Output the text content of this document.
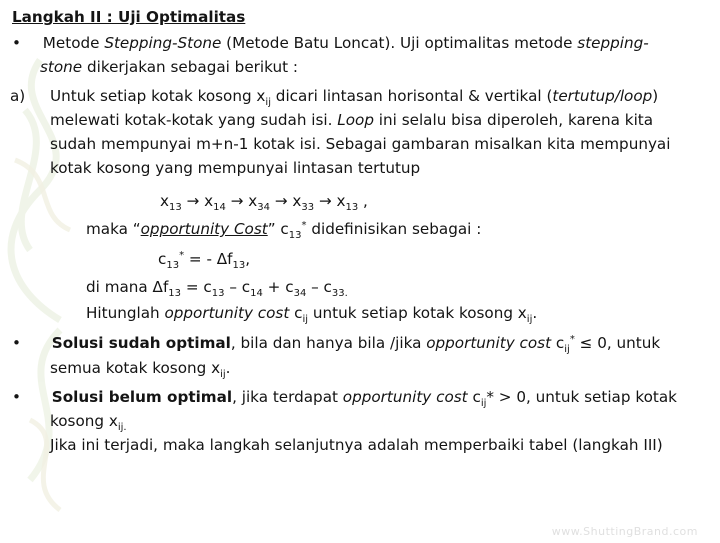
Langkah II : Uji Optimalitas
• Metode Stepping-Stone (Metode Batu Loncat). Uji optimalitas metode stepping-
stone dikerjakan sebagai berikut :
a) Untuk setiap kotak kosong $x_{ij}$ dicari lintasan horisontal & vertikal (tertutup/loop)
melewati kotak-kotak yang sudah isi. Loop ini selalu bisa diperoleh, karena kita
sudah mempunyai m+n-1 kotak isi. Sebagai gambaran misalkan kita mempunyai
kotak kosong yang mempunyai lintasan tertutup
$x_{13} \to x_{14} \to x_{34} \to x_{33} \to x_{13}$ ,
maka “opportunity Cost” $c_{13}^*$ didefinisikan sebagai :
$c_{13}^*$ = - $\Delta f_{13}$,
di mana $\Delta f_{13} = c_{13} - c_{14} + c_{34} - c_{33.}$
Hitunglah opportunity cost $c_{ij}$ untuk setiap kotak kosong $x_{ij}$.
• Solusi sudah optimal, bila dan hanya bila /jika opportunity cost $c_{ij}^* \le 0$, untuk
semua kotak kosong $x_{ij}$.
• Solusi belum optimal, jika terdapat opportunity cost $c_{ij}* > 0$, untuk setiap kotak
kosong $x_{ij.}$
Jika ini terjadi, maka langkah selanjutnya adalah memperbaiki tabel (langkah III)
www.ShuttingBrand.com
